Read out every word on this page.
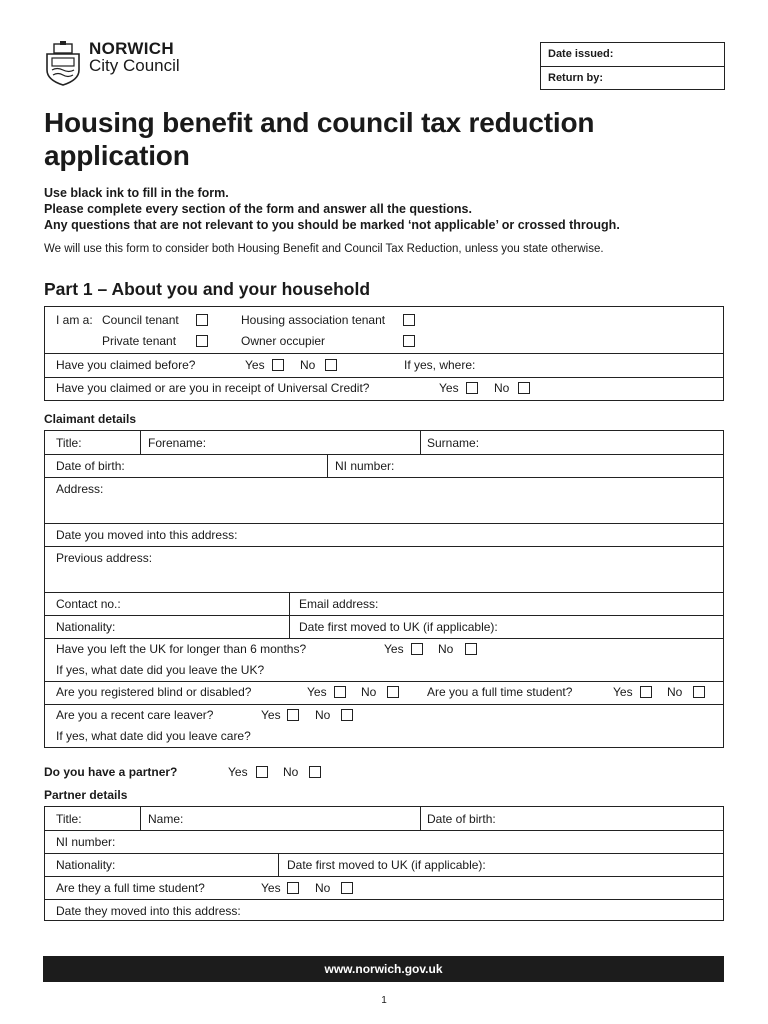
NORWICH
City Council
Date issued:
Return by:
Housing benefit and council tax reduction application
Use black ink to fill in the form.
Please complete every section of the form and answer all the questions.
Any questions that are not relevant to you should be marked ‘not applicable’ or crossed through.
We will use this form to consider both Housing Benefit and Council Tax Reduction, unless you state otherwise.
Part 1 – About you and your household
I am a: Council tenant	Housing association tenant
Private tenant	Owner occupier
Have you claimed before?	Yes	No	If yes, where:
Have you claimed or are you in receipt of Universal Credit?	Yes	No
Claimant details
Title:	Forename:	Surname:
Date of birth:	NI number:
Address:
Date you moved into this address:
Previous address:
Contact no.:	Email address:
Nationality:	Date first moved to UK (if applicable):
Have you left the UK for longer than 6 months?	Yes	No
If yes, what date did you leave the UK?
Are you registered blind or disabled?	Yes	No	Are you a full time student?	Yes	No
Are you a recent care leaver?	Yes	No
If yes, what date did you leave care?
Do you have a partner?	Yes	No
Partner details
Title:	Name:	Date of birth:
NI number:
Nationality:	Date first moved to UK (if applicable):
Are they a full time student?	Yes	No
Date they moved into this address:
www.norwich.gov.uk
1
